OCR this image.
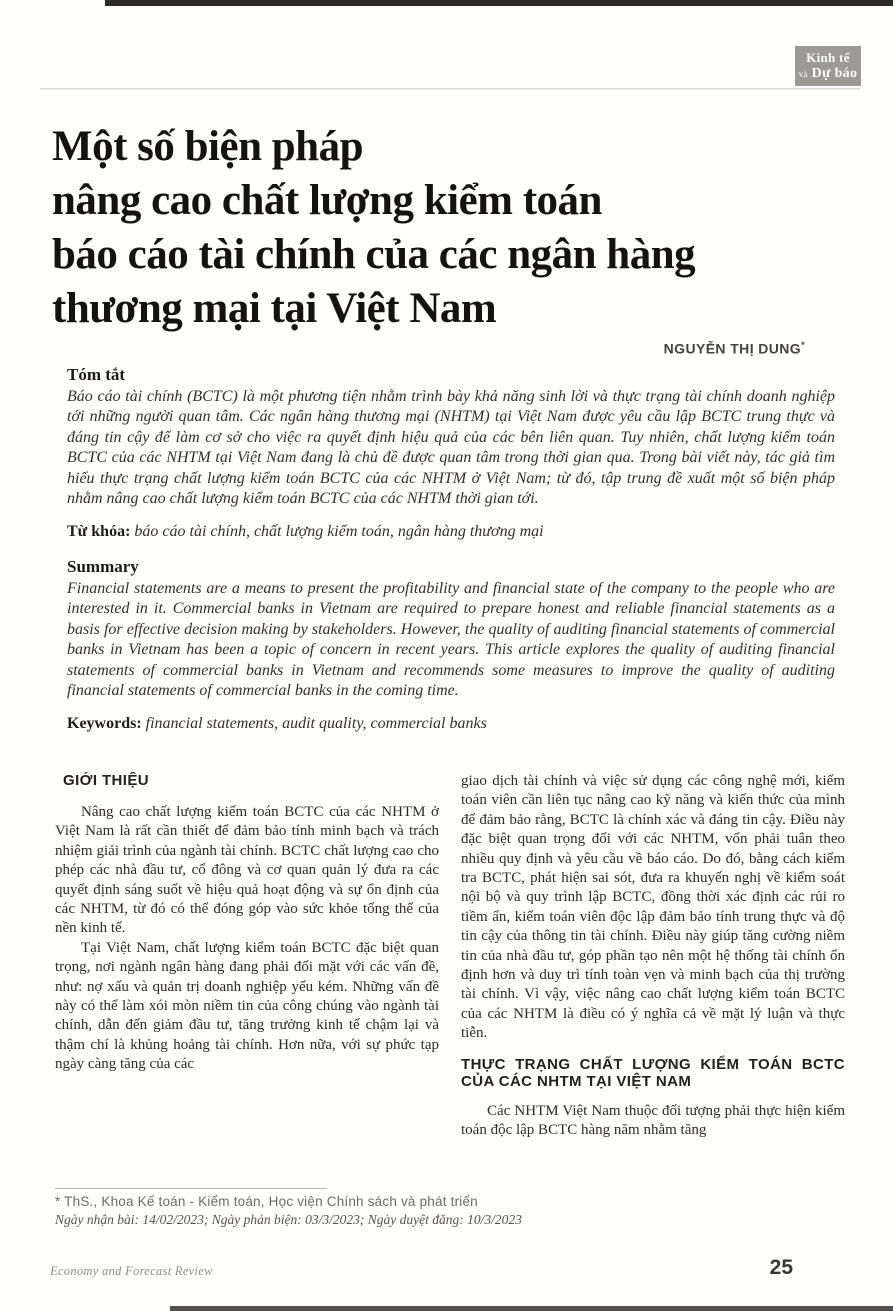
Kinh tế
và Dự báo
Một số biện pháp
nâng cao chất lượng kiểm toán
báo cáo tài chính của các ngân hàng
thương mại tại Việt Nam
NGUYỄN THỊ DUNG*
Tóm tắt
Báo cáo tài chính (BCTC) là một phương tiện nhằm trình bày khả năng sinh lời và thực trạng tài chính doanh nghiệp tới những người quan tâm. Các ngân hàng thương mại (NHTM) tại Việt Nam được yêu cầu lập BCTC trung thực và đáng tin cậy để làm cơ sở cho việc ra quyết định hiệu quả của các bên liên quan. Tuy nhiên, chất lượng kiểm toán BCTC của các NHTM tại Việt Nam đang là chủ đề được quan tâm trong thời gian qua. Trong bài viết này, tác giả tìm hiểu thực trạng chất lượng kiểm toán BCTC của các NHTM ở Việt Nam; từ đó, tập trung đề xuất một số biện pháp nhằm nâng cao chất lượng kiểm toán BCTC của các NHTM thời gian tới.
Từ khóa: báo cáo tài chính, chất lượng kiểm toán, ngân hàng thương mại
Summary
Financial statements are a means to present the profitability and financial state of the company to the people who are interested in it. Commercial banks in Vietnam are required to prepare honest and reliable financial statements as a basis for effective decision making by stakeholders. However, the quality of auditing financial statements of commercial banks in Vietnam has been a topic of concern in recent years. This article explores the quality of auditing financial statements of commercial banks in Vietnam and recommends some measures to improve the quality of auditing financial statements of commercial banks in the coming time.
Keywords: financial statements, audit quality, commercial banks
GIỚI THIỆU

Nâng cao chất lượng kiểm toán BCTC của các NHTM ở Việt Nam là rất cần thiết để đảm bảo tính minh bạch và trách nhiệm giải trình của ngành tài chính. BCTC chất lượng cao cho phép các nhà đầu tư, cổ đông và cơ quan quản lý đưa ra các quyết định sáng suốt về hiệu quả hoạt động và sự ổn định của các NHTM, từ đó có thể đóng góp vào sức khỏe tổng thể của nền kinh tế.

Tại Việt Nam, chất lượng kiểm toán BCTC đặc biệt quan trọng, nơi ngành ngân hàng đang phải đối mặt với các vấn đề, như: nợ xấu và quản trị doanh nghiệp yếu kém. Những vấn đề này có thể làm xói mòn niềm tin của công chúng vào ngành tài chính, dẫn đến giảm đầu tư, tăng trưởng kinh tế chậm lại và thậm chí là khủng hoảng tài chính. Hơn nữa, với sự phức tạp ngày càng tăng của các

giao dịch tài chính và việc sử dụng các công nghệ mới, kiểm toán viên cần liên tục nâng cao kỹ năng và kiến thức của mình để đảm bảo rằng, BCTC là chính xác và đáng tin cậy. Điều này đặc biệt quan trọng đối với các NHTM, vốn phải tuân theo nhiều quy định và yêu cầu về báo cáo. Do đó, bằng cách kiểm tra BCTC, phát hiện sai sót, đưa ra khuyến nghị về kiểm soát nội bộ và quy trình lập BCTC, đồng thời xác định các rủi ro tiềm ẩn, kiểm toán viên độc lập đảm bảo tính trung thực và độ tin cậy của thông tin tài chính. Điều này giúp tăng cường niềm tin của nhà đầu tư, góp phần tạo nên một hệ thống tài chính ổn định hơn và duy trì tính toàn vẹn và minh bạch của thị trường tài chính. Vì vậy, việc nâng cao chất lượng kiểm toán BCTC của các NHTM là điều có ý nghĩa cả về mặt lý luận và thực tiễn.

THỰC TRẠNG CHẤT LƯỢNG KIỂM TOÁN BCTC CỦA CÁC NHTM TẠI VIỆT NAM

Các NHTM Việt Nam thuộc đối tượng phải thực hiện kiểm toán độc lập BCTC hàng năm nhằm tăng

* ThS., Khoa Kế toán - Kiểm toán, Học viện Chính sách và phát triển
Ngày nhận bài: 14/02/2023; Ngày phản biện: 03/3/2023; Ngày duyệt đăng: 10/3/2023
Economy and Forecast Review	25
